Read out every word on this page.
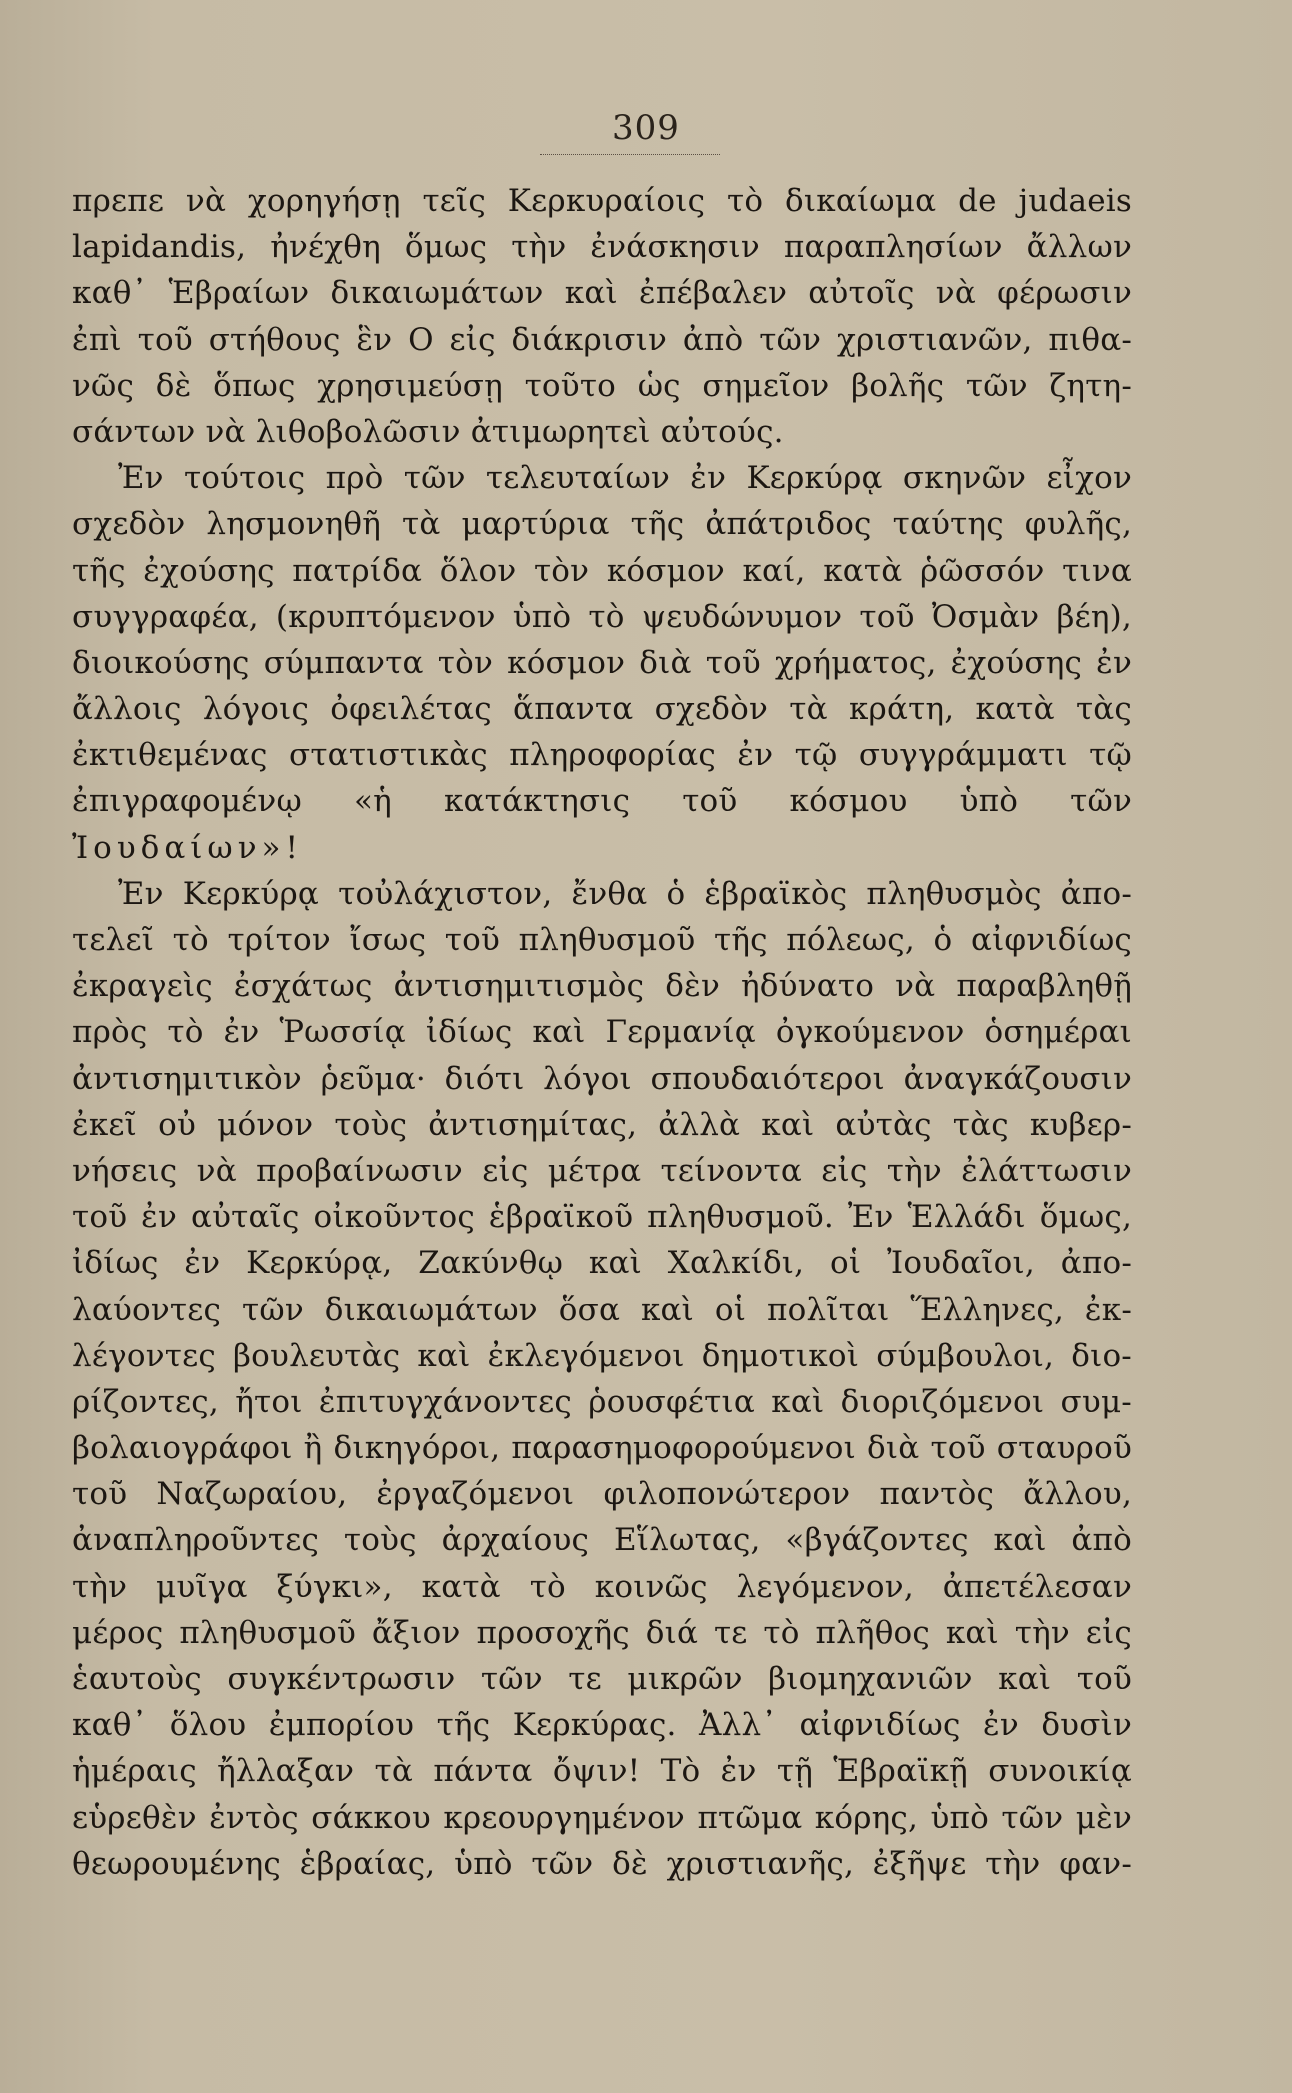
309
πρεπε νὰ χορηγήσῃ τεῖς Κερκυραίοις τὸ δικαίωμα de judaeis
lapidandis, ἠνέχθη ὅμως τὴν ἐνάσκησιν παραπλησίων ἄλλων
καθ᾽ Ἑβραίων δικαιωμάτων καὶ ἐπέβαλεν αὐτοῖς νὰ φέρωσιν
ἐπὶ τοῦ στήθους ἓν O εἰς διάκρισιν ἀπὸ τῶν χριστιανῶν, πιθα-
νῶς δὲ ὅπως χρησιμεύσῃ τοῦτο ὡς σημεῖον βολῆς τῶν ζητη-
σάντων νὰ λιθοβολῶσιν ἀτιμωρητεὶ αὐτούς.
Ἐν τούτοις πρὸ τῶν τελευταίων ἐν Κερκύρᾳ σκηνῶν εἶχον
σχεδὸν λησμονηθῆ τὰ μαρτύρια τῆς ἀπάτριδος ταύτης φυλῆς,
τῆς ἐχούσης πατρίδα ὅλον τὸν κόσμον καί, κατὰ ῥῶσσόν τινα
συγγραφέα, (κρυπτόμενον ὑπὸ τὸ ψευδώνυμον τοῦ Ὀσμὰν βέη),
διοικούσης σύμπαντα τὸν κόσμον διὰ τοῦ χρήματος, ἐχούσης ἐν
ἄλλοις λόγοις ὀφειλέτας ἅπαντα σχεδὸν τὰ κράτη, κατὰ τὰς
ἐκτιθεμένας στατιστικὰς πληροφορίας ἐν τῷ συγγράμματι τῷ
ἐπιγραφομένῳ «ἡ κατάκτησις τοῦ κόσμου ὑπὸ τῶν
Ἰουδαίων»!
Ἐν Κερκύρᾳ τοὐλάχιστον, ἔνθα ὁ ἑβραϊκὸς πληθυσμὸς ἀπο-
τελεῖ τὸ τρίτον ἴσως τοῦ πληθυσμοῦ τῆς πόλεως, ὁ αἰφνιδίως
ἐκραγεὶς ἐσχάτως ἀντισημιτισμὸς δὲν ἠδύνατο νὰ παραβληθῇ
πρὸς τὸ ἐν Ῥωσσίᾳ ἰδίως καὶ Γερμανίᾳ ὀγκούμενον ὁσημέραι
ἀντισημιτικὸν ῥεῦμα· διότι λόγοι σπουδαιότεροι ἀναγκάζουσιν
ἐκεῖ οὐ μόνον τοὺς ἀντισημίτας, ἀλλὰ καὶ αὐτὰς τὰς κυβερ-
νήσεις νὰ προβαίνωσιν εἰς μέτρα τείνοντα εἰς τὴν ἐλάττωσιν
τοῦ ἐν αὐταῖς οἰκοῦντος ἑβραϊκοῦ πληθυσμοῦ. Ἐν Ἑλλάδι ὅμως,
ἰδίως ἐν Κερκύρᾳ, Ζακύνθῳ καὶ Χαλκίδι, οἱ Ἰουδαῖοι, ἀπο-
λαύοντες τῶν δικαιωμάτων ὅσα καὶ οἱ πολῖται Ἕλληνες, ἐκ-
λέγοντες βουλευτὰς καὶ ἐκλεγόμενοι δημοτικοὶ σύμβουλοι, διο-
ρίζοντες, ἤτοι ἐπιτυγχάνοντες ῥουσφέτια καὶ διοριζόμενοι συμ-
βολαιογράφοι ἢ δικηγόροι, παρασημοφορούμενοι διὰ τοῦ σταυροῦ
τοῦ Ναζωραίου, ἐργαζόμενοι φιλοπονώτερον παντὸς ἄλλου,
ἀναπληροῦντες τοὺς ἀρχαίους Εἵλωτας, «βγάζοντες καὶ ἀπὸ
τὴν μυῖγα ξύγκι», κατὰ τὸ κοινῶς λεγόμενον, ἀπετέλεσαν
μέρος πληθυσμοῦ ἄξιον προσοχῆς διά τε τὸ πλῆθος καὶ τὴν εἰς
ἑαυτοὺς συγκέντρωσιν τῶν τε μικρῶν βιομηχανιῶν καὶ τοῦ
καθ᾽ ὅλου ἐμπορίου τῆς Κερκύρας. Ἀλλ᾽ αἰφνιδίως ἐν δυσὶν
ἡμέραις ἤλλαξαν τὰ πάντα ὄψιν! Τὸ ἐν τῇ Ἑβραϊκῇ συνοικίᾳ
εὑρεθὲν ἐντὸς σάκκου κρεουργημένον πτῶμα κόρης, ὑπὸ τῶν μὲν
θεωρουμένης ἑβραίας, ὑπὸ τῶν δὲ χριστιανῆς, ἐξῆψε τὴν φαν-
